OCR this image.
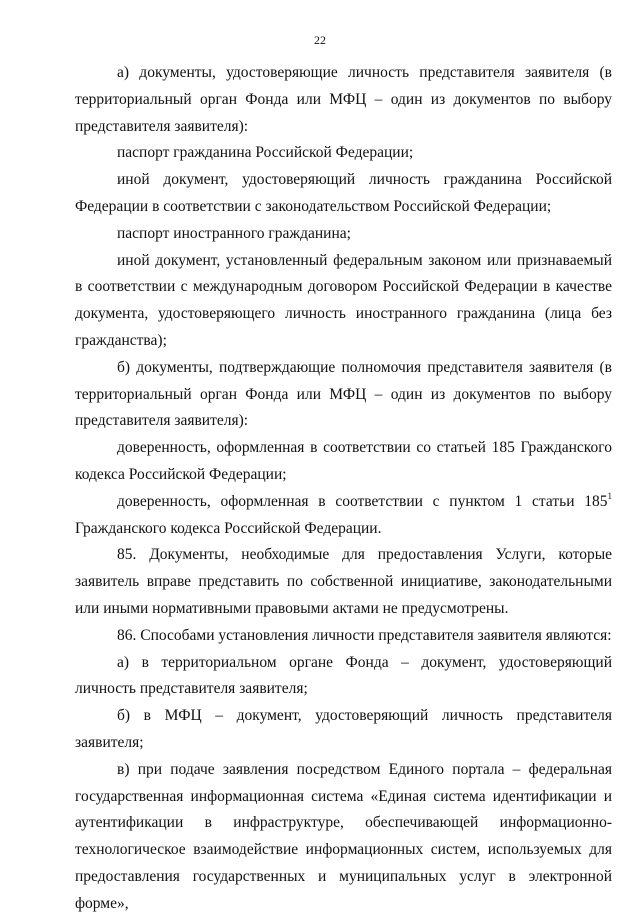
22

а) документы, удостоверяющие личность представителя заявителя (в территориальный орган Фонда или МФЦ – один из документов по выбору представителя заявителя):

паспорт гражданина Российской Федерации;

иной документ, удостоверяющий личность гражданина Российской Федерации в соответствии с законодательством Российской Федерации;

паспорт иностранного гражданина;

иной документ, установленный федеральным законом или признаваемый в соответствии с международным договором Российской Федерации в качестве документа, удостоверяющего личность иностранного гражданина (лица без гражданства);

б) документы, подтверждающие полномочия представителя заявителя (в территориальный орган Фонда или МФЦ – один из документов по выбору представителя заявителя):

доверенность, оформленная в соответствии со статьей 185 Гражданского кодекса Российской Федерации;

доверенность, оформленная в соответствии с пунктом 1 статьи $185^1$ Гражданского кодекса Российской Федерации.

85. Документы, необходимые для предоставления Услуги, которые заявитель вправе представить по собственной инициативе, законодательными или иными нормативными правовыми актами не предусмотрены.

86. Способами установления личности представителя заявителя являются:

а) в территориальном органе Фонда – документ, удостоверяющий личность представителя заявителя;

б) в МФЦ – документ, удостоверяющий личность представителя заявителя;

в) при подаче заявления посредством Единого портала – федеральная государственная информационная система «Единая система идентификации и аутентификации в инфраструктуре, обеспечивающей информационно-технологическое взаимодействие информационных систем, используемых для предоставления государственных и муниципальных услуг в электронной форме»,
